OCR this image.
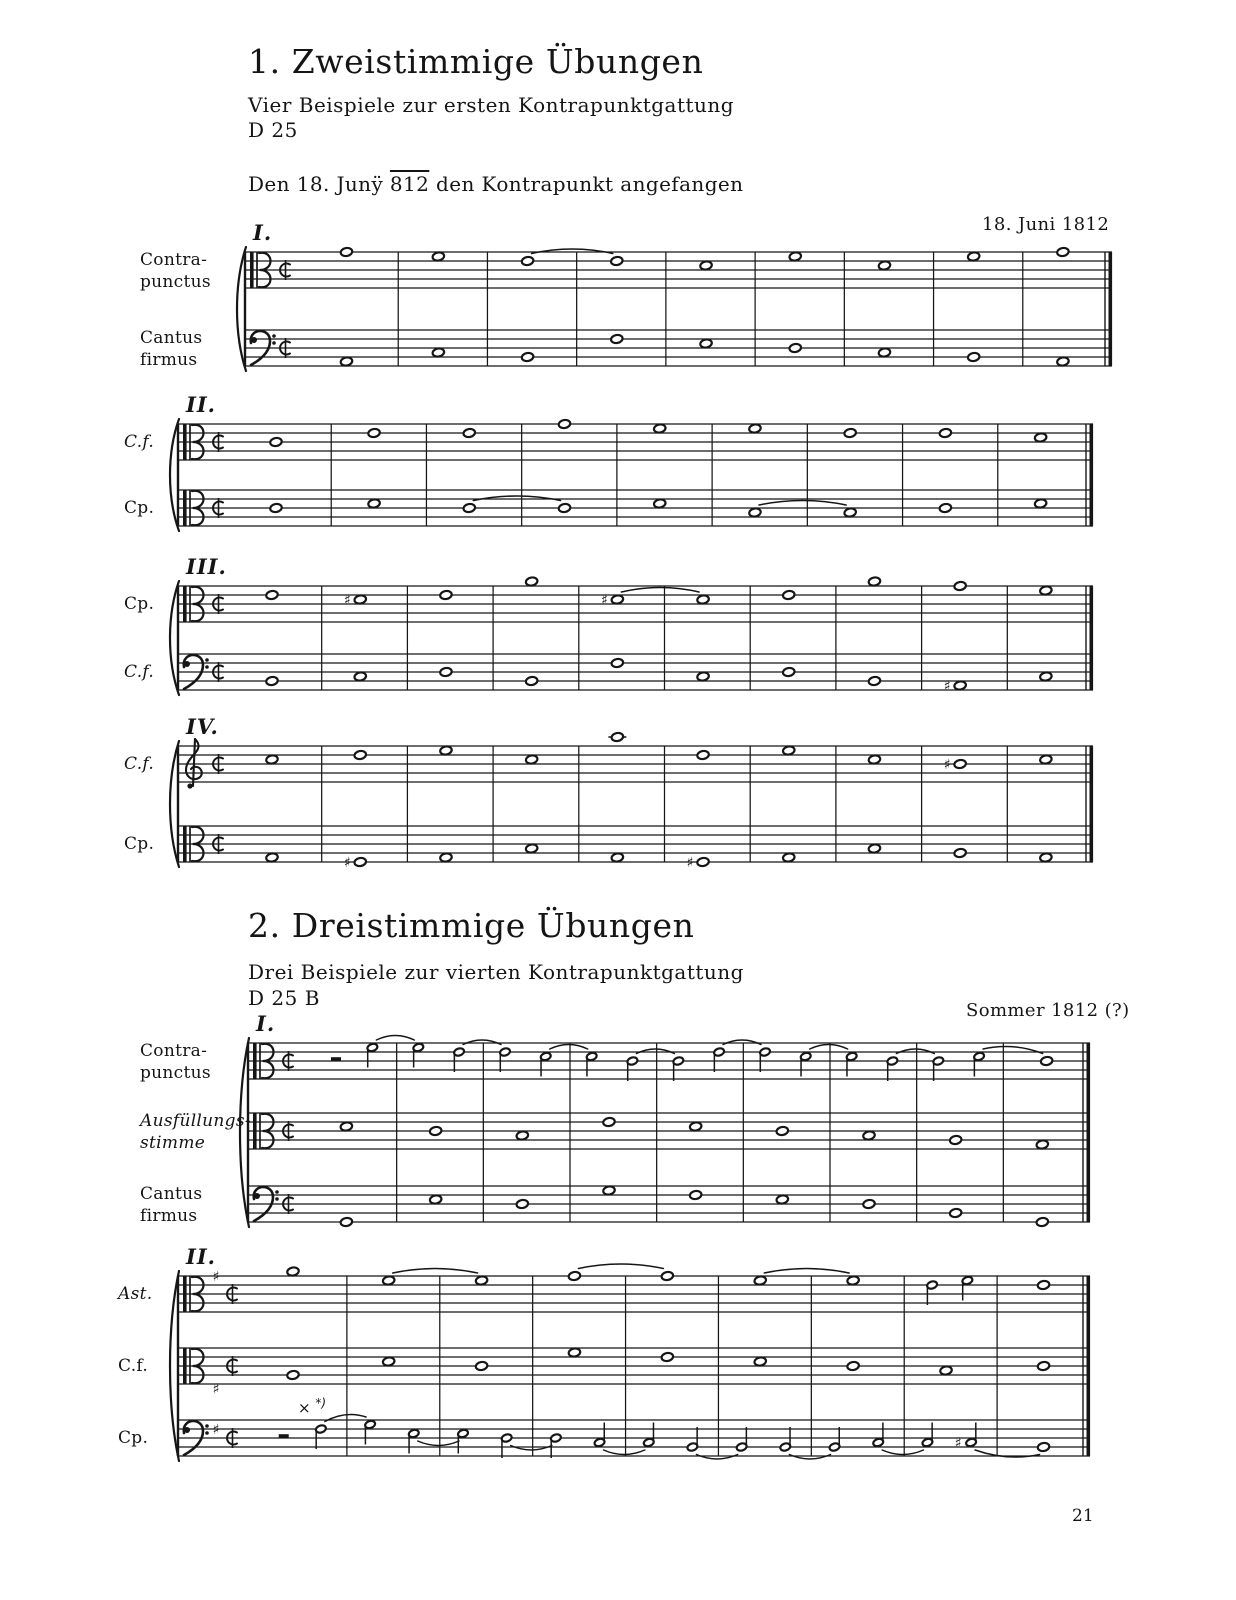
1. Zweistimmige Übungen
Vier Beispiele zur ersten Kontrapunktgattung
D 25
Den 18. Junÿ 812 den Kontrapunkt angefangen
18. Juni 1812
2. Dreistimmige Übungen
Drei Beispiele zur vierten Kontrapunktgattung
D 25 B
Sommer 1812 (?)
× *)
21
I.
Contra-
punctus
Cantus
firmus
II.
C.f.
Cp.
♯	♯
♯
III.
Cp.
C.f.
♯
♯	♯
IV.
C.f.
Cp.
I.
Contra-
punctus
Ausfüllungs-
stimme
Cantus
firmus
♯
♯
♯
♯
II.
Ast.
C.f.
Cp.
